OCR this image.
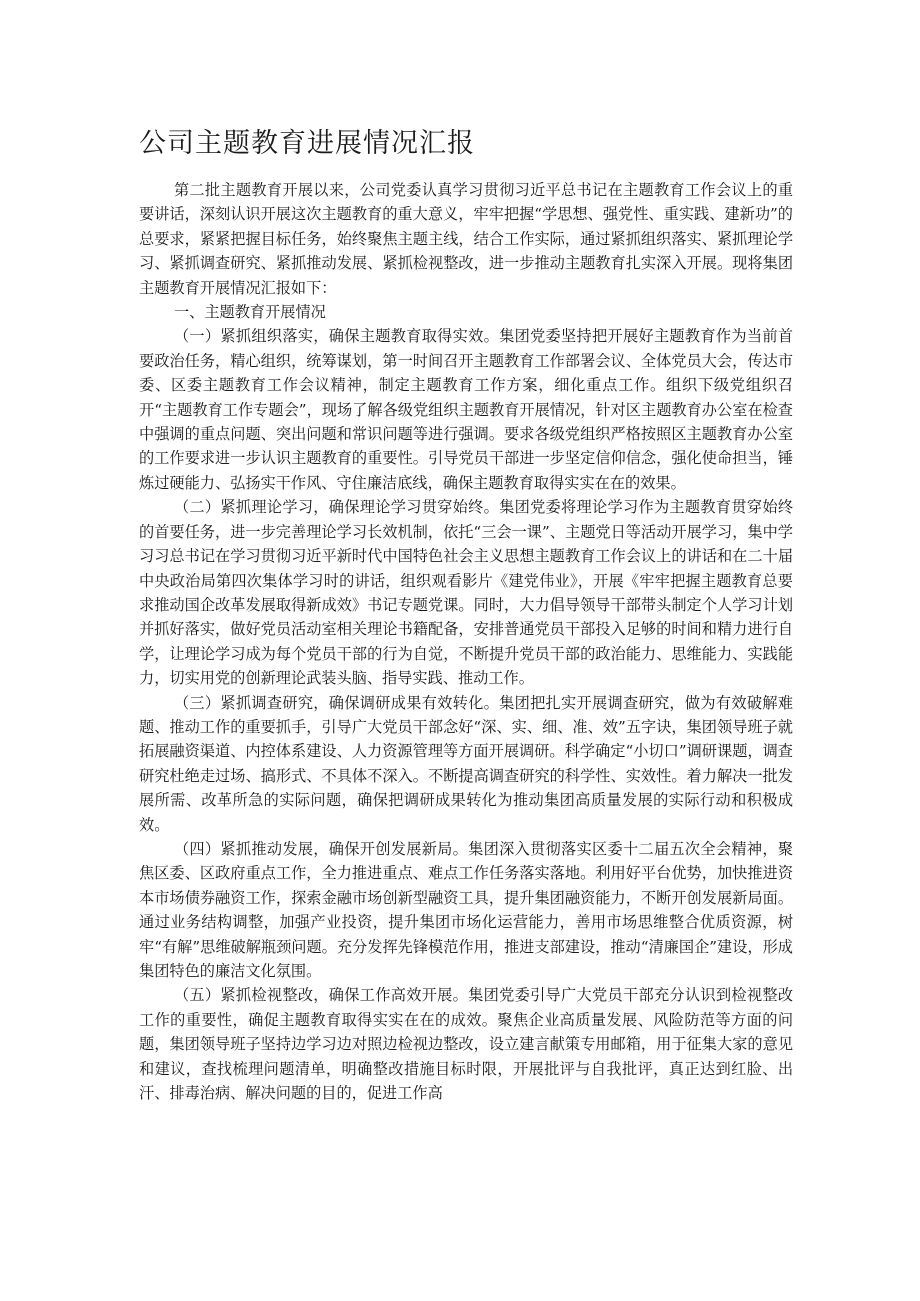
公司主题教育进展情况汇报

第二批主题教育开展以来，公司党委认真学习贯彻习近平总书记在主题教育工作会议上的重要讲话，深刻认识开展这次主题教育的重大意义，牢牢把握“学思想、强党性、重实践、建新功”的总要求，紧紧把握目标任务，始终聚焦主题主线，结合工作实际，通过紧抓组织落实、紧抓理论学习、紧抓调查研究、紧抓推动发展、紧抓检视整改，进一步推动主题教育扎实深入开展。现将集团主题教育开展情况汇报如下：

一、主题教育开展情况

（一）紧抓组织落实，确保主题教育取得实效。集团党委坚持把开展好主题教育作为当前首要政治任务，精心组织，统筹谋划，第一时间召开主题教育工作部署会议、全体党员大会，传达市委、区委主题教育工作会议精神，制定主题教育工作方案，细化重点工作。组织下级党组织召开“主题教育工作专题会”，现场了解各级党组织主题教育开展情况，针对区主题教育办公室在检查中强调的重点问题、突出问题和常识问题等进行强调。要求各级党组织严格按照区主题教育办公室的工作要求进一步认识主题教育的重要性。引导党员干部进一步坚定信仰信念，强化使命担当，锤炼过硬能力、弘扬实干作风、守住廉洁底线，确保主题教育取得实实在在的效果。

（二）紧抓理论学习，确保理论学习贯穿始终。集团党委将理论学习作为主题教育贯穿始终的首要任务，进一步完善理论学习长效机制，依托“三会一课”、主题党日等活动开展学习，集中学习习总书记在学习贯彻习近平新时代中国特色社会主义思想主题教育工作会议上的讲话和在二十届中央政治局第四次集体学习时的讲话，组织观看影片《建党伟业》，开展《牢牢把握主题教育总要求推动国企改革发展取得新成效》书记专题党课。同时，大力倡导领导干部带头制定个人学习计划并抓好落实，做好党员活动室相关理论书籍配备，安排普通党员干部投入足够的时间和精力进行自学，让理论学习成为每个党员干部的行为自觉，不断提升党员干部的政治能力、思维能力、实践能力，切实用党的创新理论武装头脑、指导实践、推动工作。

（三）紧抓调查研究，确保调研成果有效转化。集团把扎实开展调查研究，做为有效破解难题、推动工作的重要抓手，引导广大党员干部念好“深、实、细、准、效”五字诀，集团领导班子就拓展融资渠道、内控体系建设、人力资源管理等方面开展调研。科学确定“小切口”调研课题，调查研究杜绝走过场、搞形式、不具体不深入。不断提高调查研究的科学性、实效性。着力解决一批发展所需、改革所急的实际问题，确保把调研成果转化为推动集团高质量发展的实际行动和积极成效。

（四）紧抓推动发展，确保开创发展新局。集团深入贯彻落实区委十二届五次全会精神，聚焦区委、区政府重点工作，全力推进重点、难点工作任务落实落地。利用好平台优势，加快推进资本市场债券融资工作，探索金融市场创新型融资工具，提升集团融资能力，不断开创发展新局面。通过业务结构调整，加强产业投资，提升集团市场化运营能力，善用市场思维整合优质资源，树牢“有解”思维破解瓶颈问题。充分发挥先锋模范作用，推进支部建设，推动“清廉国企”建设，形成集团特色的廉洁文化氛围。

（五）紧抓检视整改，确保工作高效开展。集团党委引导广大党员干部充分认识到检视整改工作的重要性，确促主题教育取得实实在在的成效。聚焦企业高质量发展、风险防范等方面的问题，集团领导班子坚持边学习边对照边检视边整改，设立建言献策专用邮箱，用于征集大家的意见和建议，查找梳理问题清单，明确整改措施目标时限，开展批评与自我批评，真正达到红脸、出汗、排毒治病、解决问题的目的，促进工作高
